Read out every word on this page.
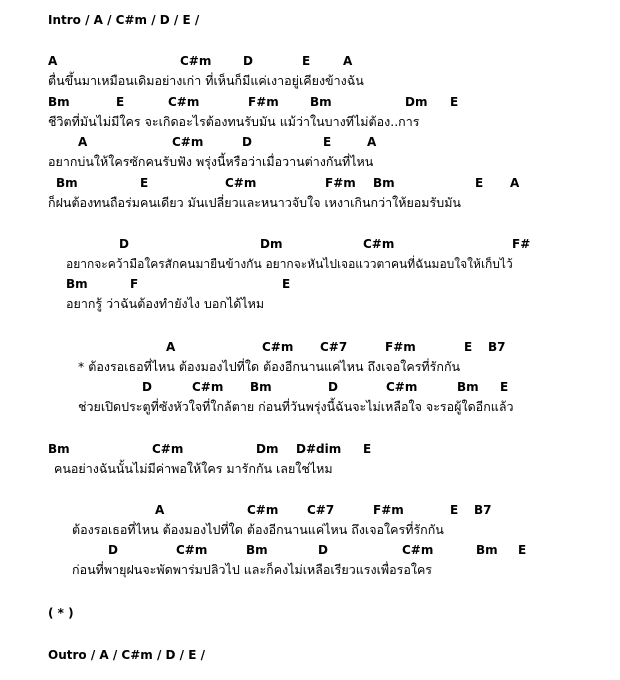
Intro / A / C#m / D / E /
A	C#m	D	E	A
ตื่นขึ้นมาเหมือนเดิมอย่างเก่า ที่เห็นก็มีแค่เงาอยู่เคียงข้างฉัน
Bm	E	C#m	F#m	Bm	Dm E
ชีวิตที่มันไม่มีใคร จะเกิดอะไรต้องทนรับมัน แม้ว่าในบางทีไม่ต้อง..การ
A	C#m	D	E	A
อยากบ่นให้ใครซักคนรับฟัง พรุ่งนี้หรือว่าเมื่อวานต่างกันที่ไหน
Bm	E	C#m	F#m Bm	E A
ก็ฝนต้องทนถือร่มคนเดียว มันเปลี่ยวและหนาวจับใจ เหงาเกินกว่าให้ยอมรับมัน
D	Dm	C#m	F#
อยากจะคว้ามือใครสักคนมายืนข้างกัน อยากจะหันไปเจอแววตาคนที่ฉันมอบใจให้เก็บไว้
Bm	F	E
อยากรู้ ว่าฉันต้องทำยังไง บอกได้ไหม
A	C#m C#7	F#m	E B7
* ต้องรอเธอที่ไหน ต้องมองไปที่ใด ต้องอีกนานแค่ไหน ถึงเจอใครที่รักกัน
D	C#m Bm	D	C#m	Bm E
ช่วยเปิดประตูที่ซังหัวใจที่ใกล้ตาย ก่อนที่วันพรุ่งนี้ฉันจะไม่เหลือใจ จะรอผู้ใดอีกแล้ว
Bm	C#m	Dm D#dim E
คนอย่างฉันนั้นไม่มีค่าพอให้ใคร มารักกัน เลยใช่ไหม
A	C#m C#7	F#m	E B7
ต้องรอเธอที่ไหน ต้องมองไปที่ใด ต้องอีกนานแค่ไหน ถึงเจอใครที่รักกัน
D	C#m	Bm	D	C#m	Bm E
ก่อนที่พายุฝนจะพัดพาร่มปลิวไป และก็คงไม่เหลือเรียวแรงเพื่อรอใคร
( * )
Outro / A / C#m / D / E /
